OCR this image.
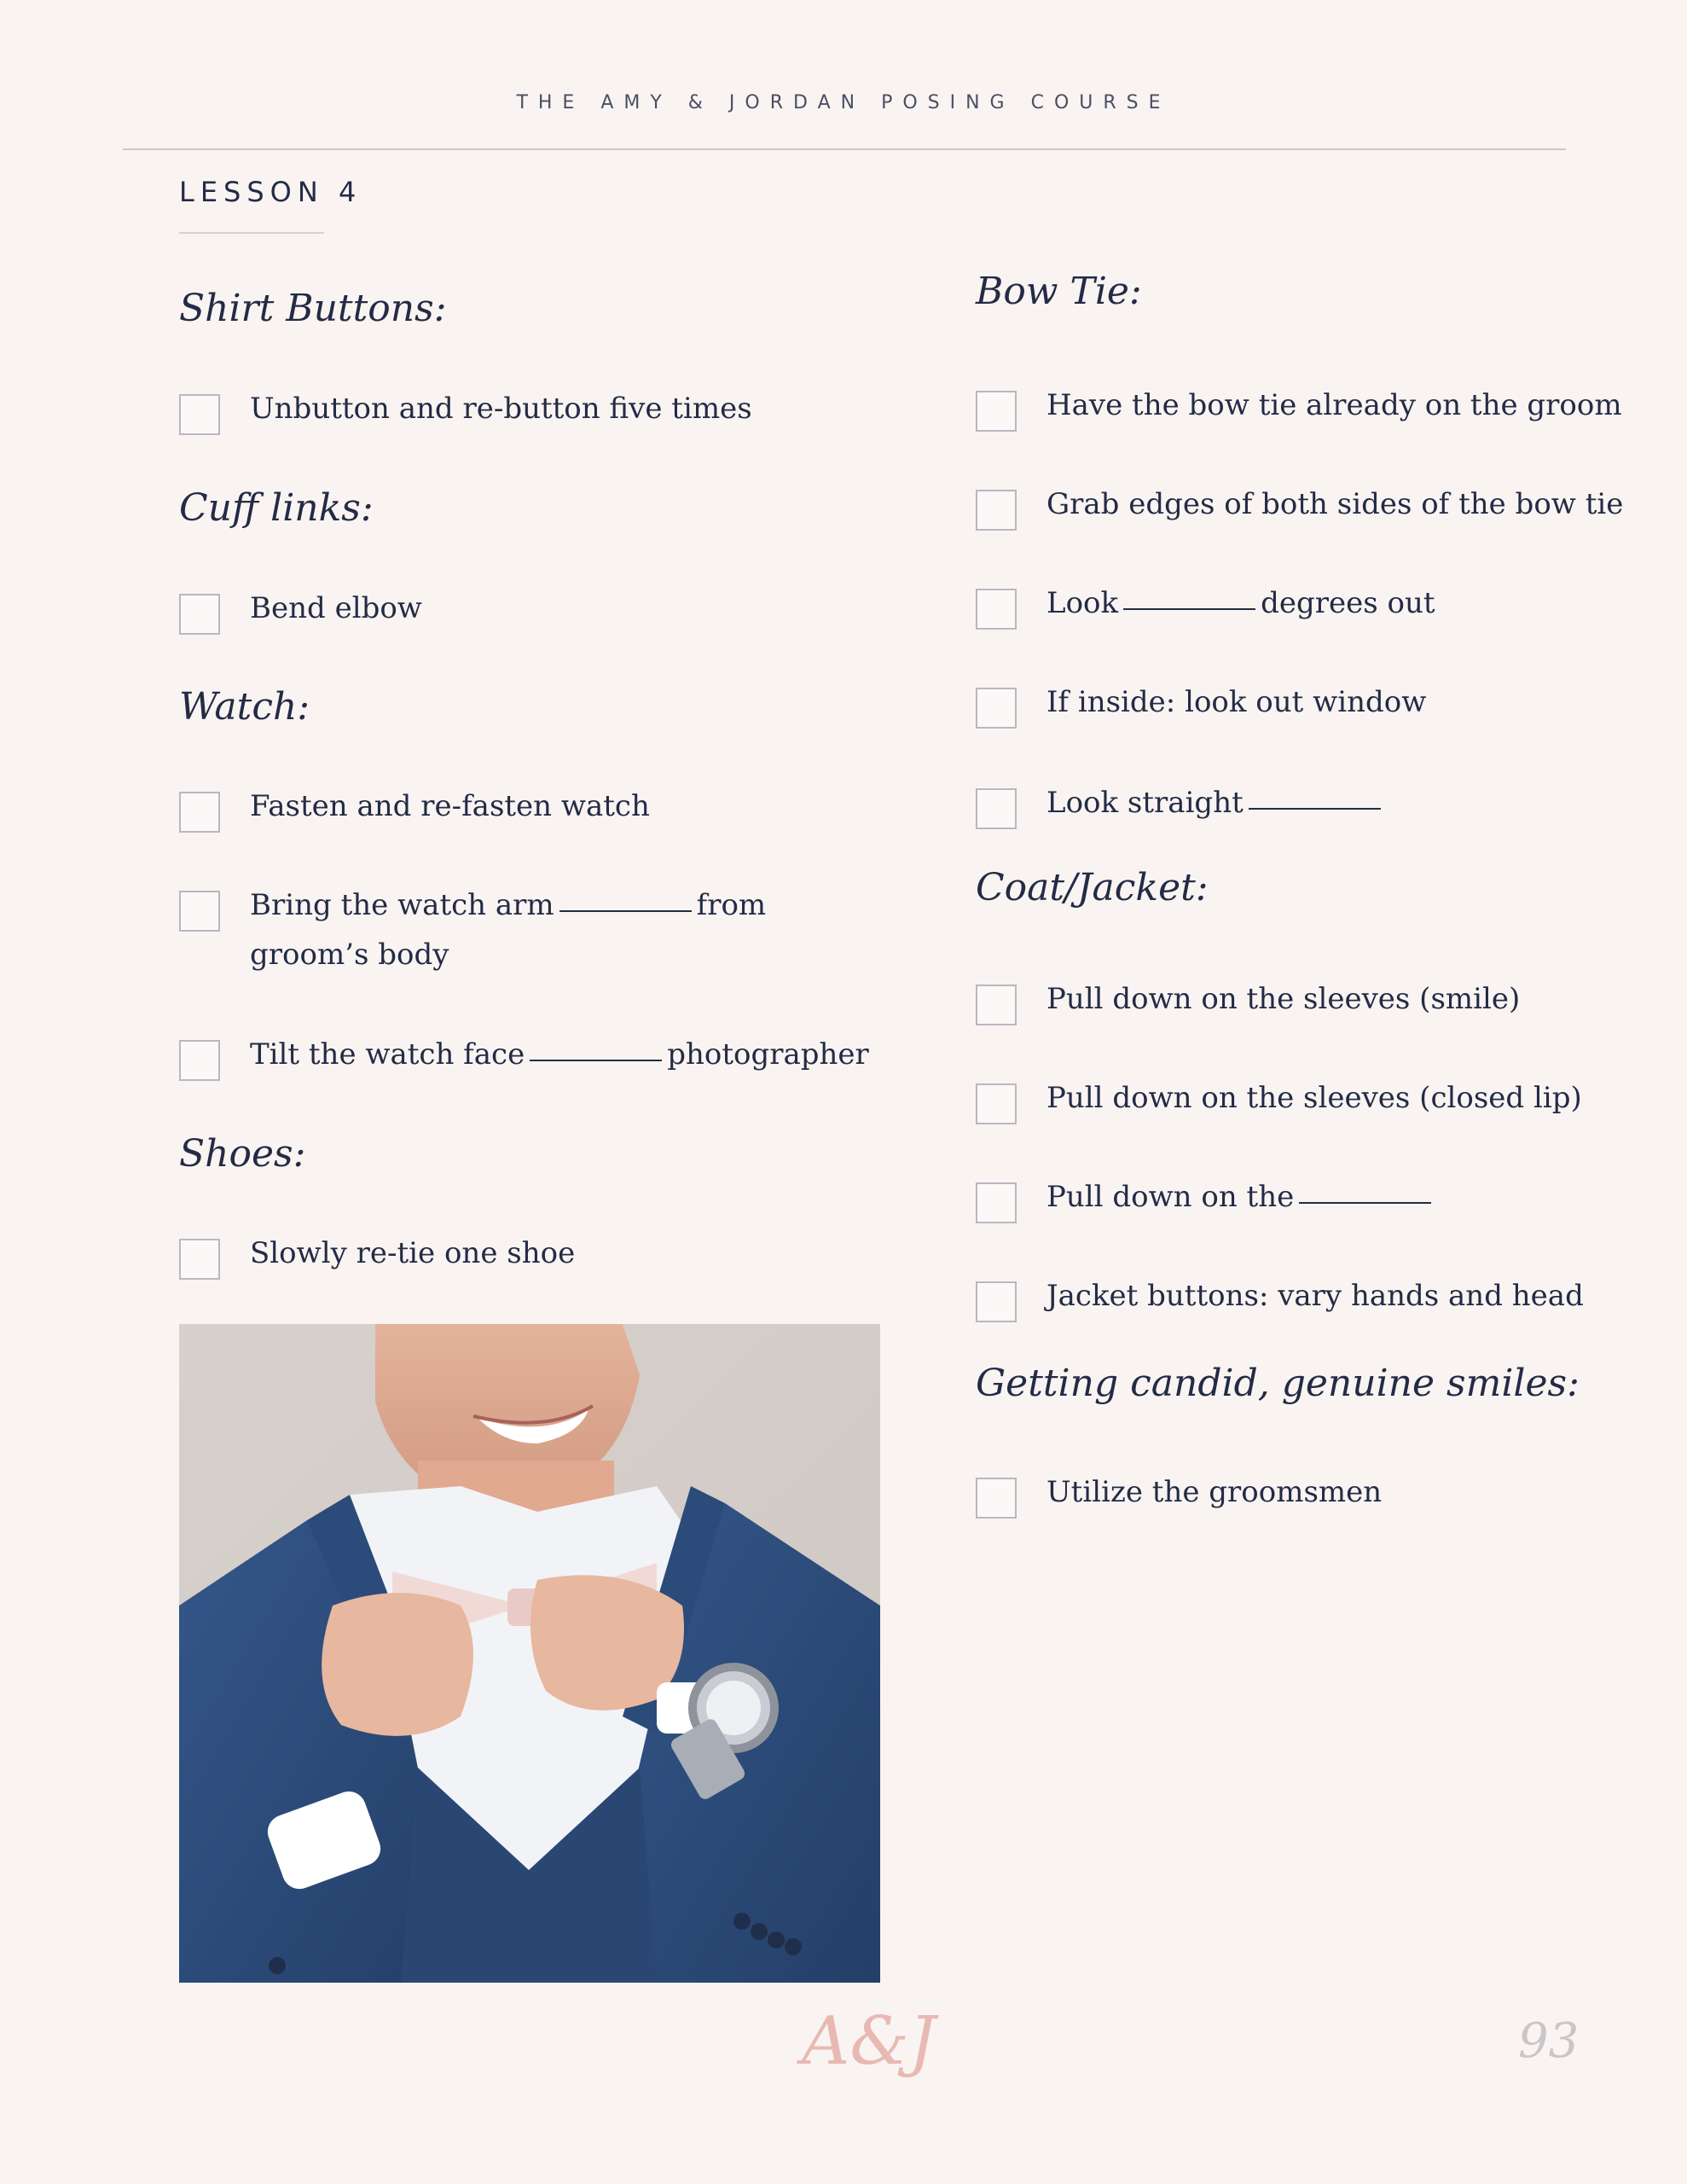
THE AMY & JORDAN POSING COURSE
LESSON 4
Shirt Buttons:
Unbutton and re-button five times
Cuff links:
Bend elbow
Watch:
Fasten and re-fasten watch
Bring the watch arm	from groom’s body
Tilt the watch face	photographer
Shoes:
Slowly re-tie one shoe
Bow Tie:
Have the bow tie already on the groom
Grab edges of both sides of the bow tie
Look	degrees out
If inside: look out window
Look straight
Coat/Jacket:
Pull down on the sleeves (smile)
Pull down on the sleeves (closed lip)
Pull down on the
Jacket buttons: vary hands and head
Getting candid, genuine smiles:
Utilize the groomsmen
A&J	93
